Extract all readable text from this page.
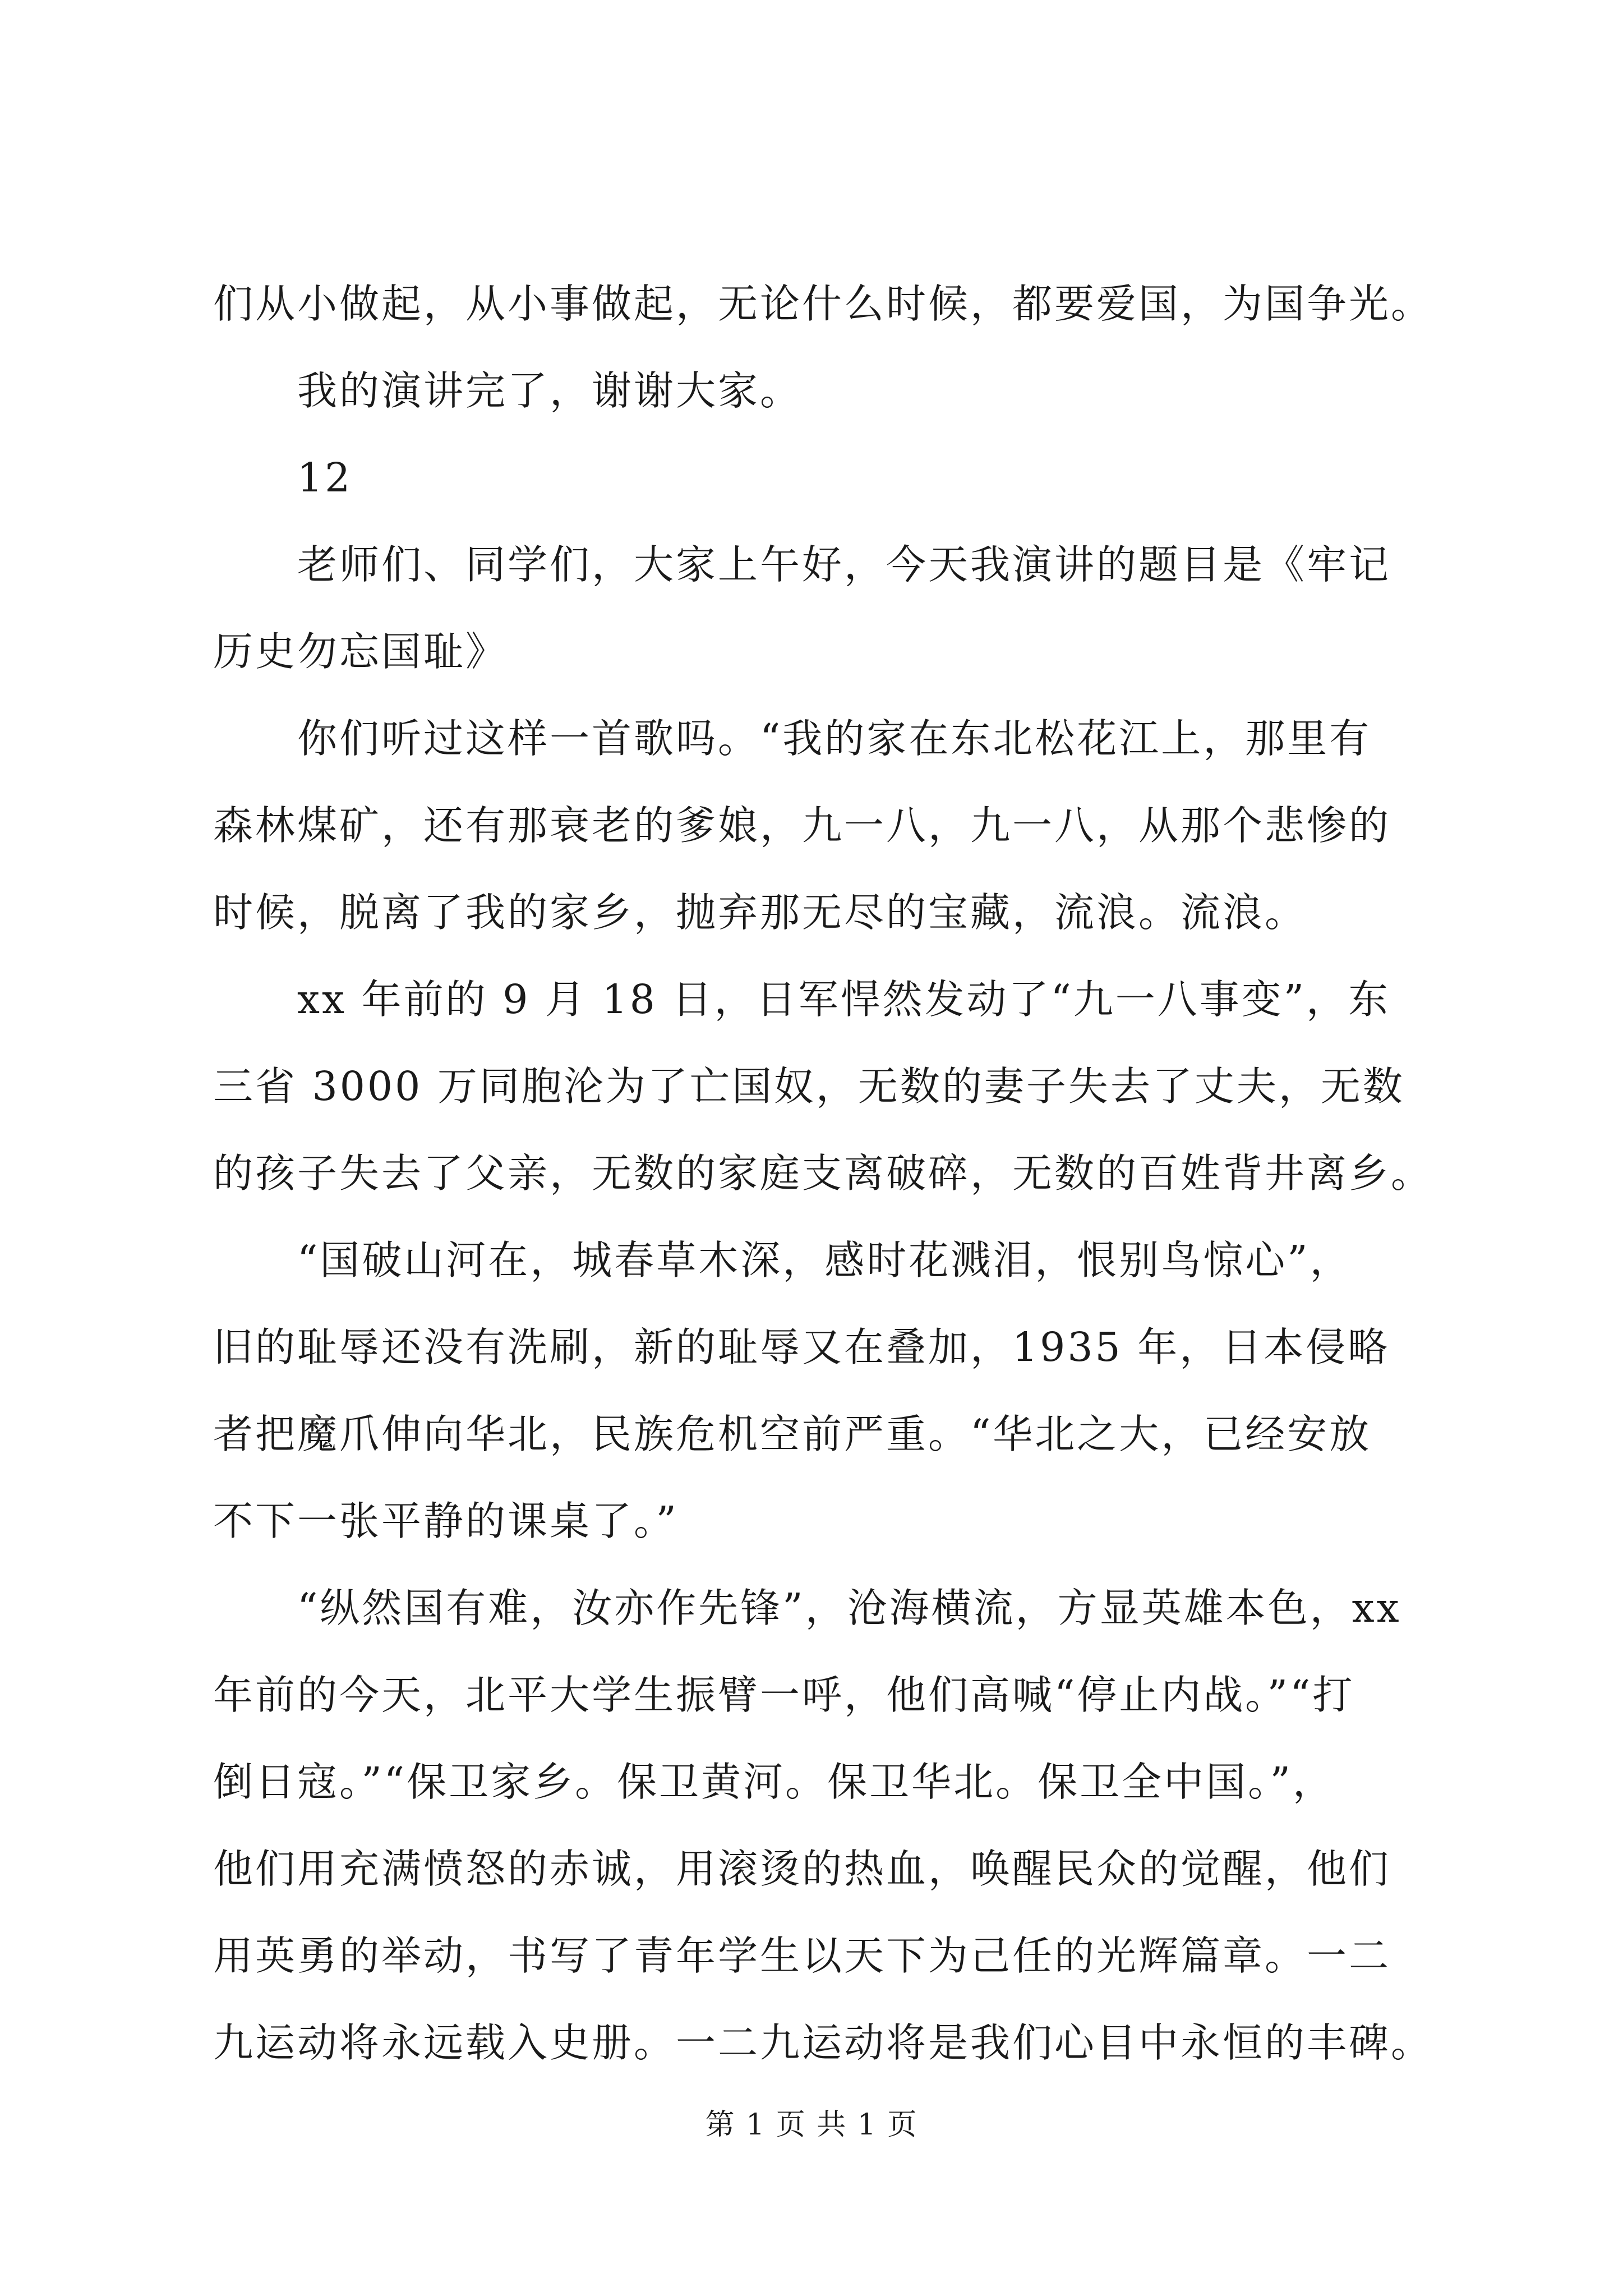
们从小做起，从小事做起，无论什么时候，都要爱国，为国争光。
我的演讲完了，谢谢大家。
12
老师们、同学们，大家上午好，今天我演讲的题目是《牢记
历史勿忘国耻》
你们听过这样一首歌吗。“我的家在东北松花江上，那里有
森林煤矿，还有那衰老的爹娘，九一八，九一八，从那个悲惨的
时候，脱离了我的家乡，抛弃那无尽的宝藏，流浪。流浪。
xx 年前的 9 月 18 日，日军悍然发动了“九一八事变”，东
三省 3000 万同胞沦为了亡国奴，无数的妻子失去了丈夫，无数
的孩子失去了父亲，无数的家庭支离破碎，无数的百姓背井离乡。
“国破山河在，城春草木深，感时花溅泪，恨别鸟惊心”，
旧的耻辱还没有洗刷，新的耻辱又在叠加，1935 年，日本侵略
者把魔爪伸向华北，民族危机空前严重。“华北之大，已经安放
不下一张平静的课桌了。”
“纵然国有难，汝亦作先锋”，沧海横流，方显英雄本色，xx
年前的今天，北平大学生振臂一呼，他们高喊“停止内战。”“打
倒日寇。”“保卫家乡。保卫黄河。保卫华北。保卫全中国。”，
他们用充满愤怒的赤诚，用滚烫的热血，唤醒民众的觉醒，他们
用英勇的举动，书写了青年学生以天下为己任的光辉篇章。一二
九运动将永远载入史册。一二九运动将是我们心目中永恒的丰碑。
第 1 页 共 1 页
